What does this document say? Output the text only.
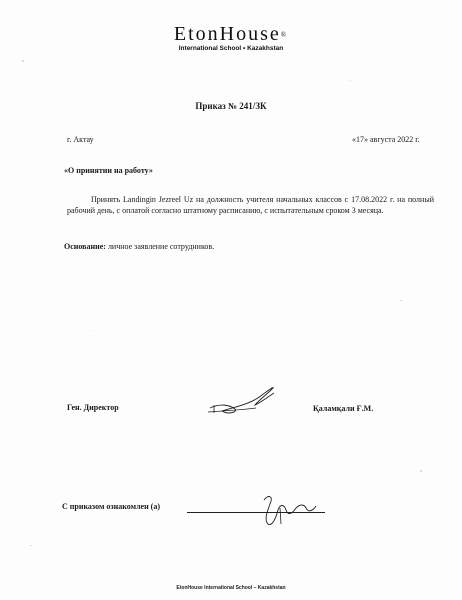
EtonHouse®
International School • Kazakhstan
Приказ № 241/ЗК
г. Актау	«17» августа 2022 г.
«О принятии на работу»
Принять Landingin Jezreel Uz на должность учителя начальных классов с 17.08.2022 г. на полный рабочий день, с оплатой согласно штатному расписанию, с испытательным сроком 3 месяца.
Основание: личное заявление сотрудников.
Ген. Директор	Қаламқали Ғ.М.
С приказом ознакомлен (а)
EtonHouse International School – Kazakhstan
